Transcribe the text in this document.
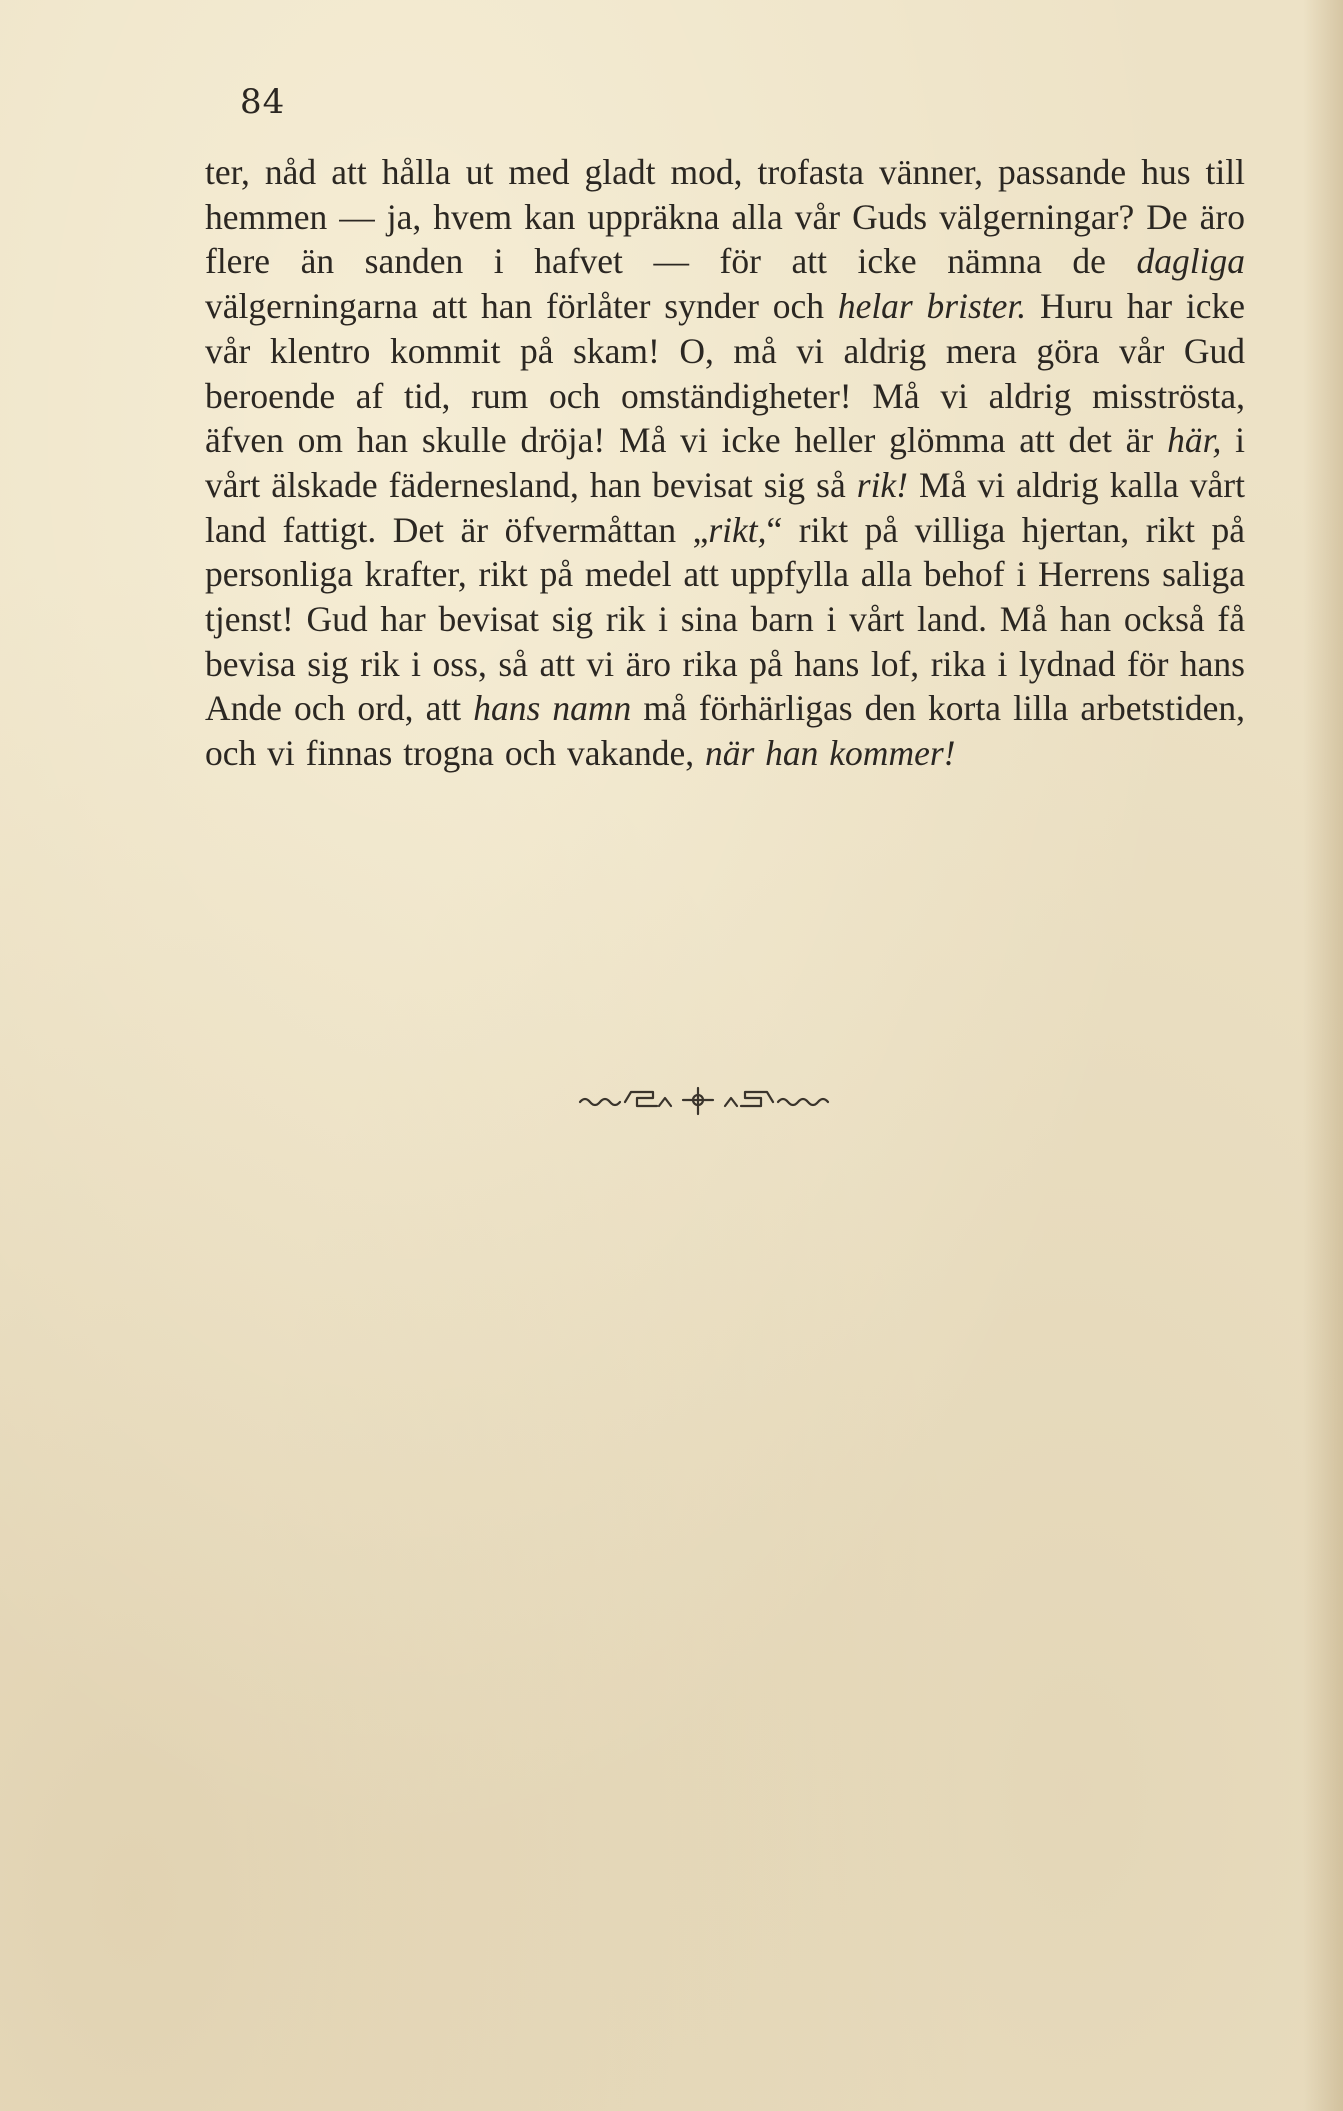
84

ter, nåd att hålla ut med gladt mod, trofasta vänner, passande hus till hemmen — ja, hvem kan uppräkna alla vår Guds välgerningar? De äro flere än sanden i hafvet — för att icke nämna de dagliga välgerningarna att han förlåter synder och helar brister. Huru har icke vår klentro kommit på skam! O, må vi aldrig mera göra vår Gud beroende af tid, rum och omständigheter! Må vi aldrig misströsta, äfven om han skulle dröja! Må vi icke heller glömma att det är här, i vårt älskade fädernesland, han bevisat sig så rik! Må vi aldrig kalla vårt land fattigt. Det är öfvermåttan „rikt,“ rikt på villiga hjertan, rikt på personliga krafter, rikt på medel att uppfylla alla behof i Herrens saliga tjenst! Gud har bevisat sig rik i sina barn i vårt land. Må han också få bevisa sig rik i oss, så att vi äro rika på hans lof, rika i lydnad för hans Ande och ord, att hans namn må förhärligas den korta lilla arbetstiden, och vi finnas trogna och vakande, när han kommer!
